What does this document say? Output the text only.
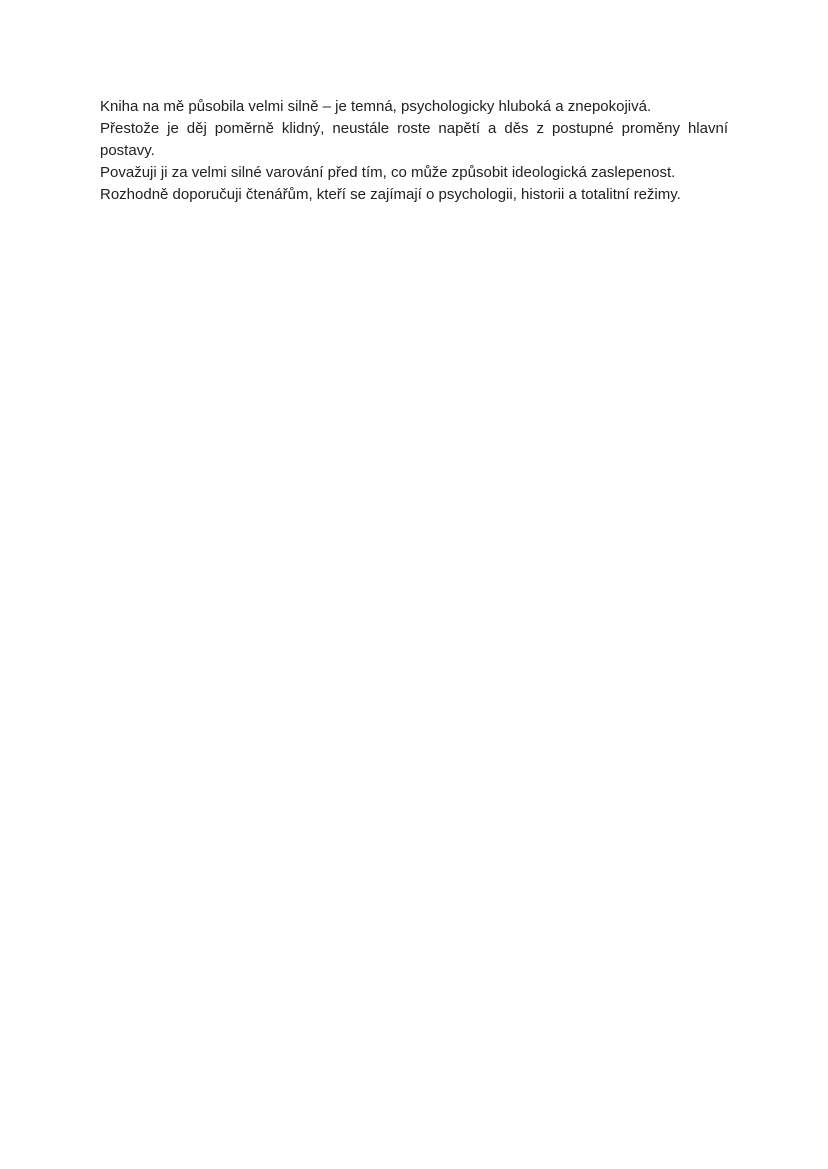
Kniha na mě působila velmi silně – je temná, psychologicky hluboká a znepokojivá.

Přestože je děj poměrně klidný, neustále roste napětí a děs z postupné proměny hlavní postavy.

Považuji ji za velmi silné varování před tím, co může způsobit ideologická zaslepenost.

Rozhodně doporučuji čtenářům, kteří se zajímají o psychologii, historii a totalitní režimy.
